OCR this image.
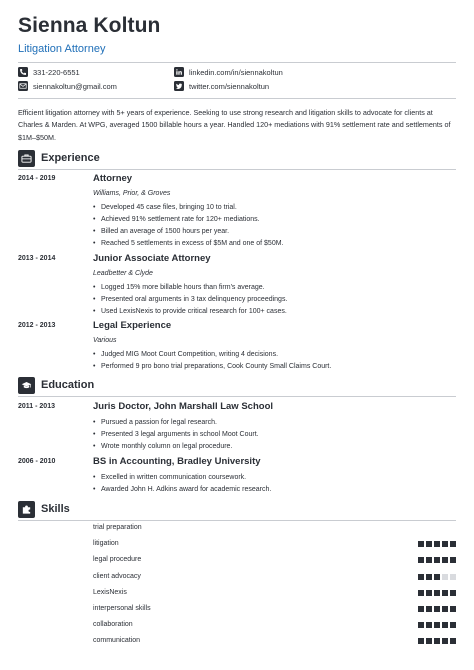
Sienna Koltun
Litigation Attorney
331-220-6551
siennakoltun@gmail.com
linkedin.com/in/siennakoltun
twitter.com/siennakoltun
Efficient litigation attorney with 5+ years of experience. Seeking to use strong research and litigation skills to advocate for clients at
Charles & Marden. At WPG, averaged 1500 billable hours a year. Handled 120+ mediations with 91% settlement rate and settlements of
$1M–$50M.
Experience
2014 - 2019	Attorney
Williams, Prior, & Groves
• Developed 45 case files, bringing 10 to trial.
• Achieved 91% settlement rate for 120+ mediations.
• Billed an average of 1500 hours per year.
• Reached 5 settlements in excess of $5M and one of $50M.
2013 - 2014	Junior Associate Attorney
Leadbetter & Clyde
• Logged 15% more billable hours than firm's average.
• Presented oral arguments in 3 tax delinquency proceedings.
• Used LexisNexis to provide critical research for 100+ cases.
2012 - 2013	Legal Experience
Various
• Judged MIG Moot Court Competition, writing 4 decisions.
• Performed 9 pro bono trial preparations, Cook County Small Claims Court.
Education
2011 - 2013	Juris Doctor, John Marshall Law School
• Pursued a passion for legal research.
• Presented 3 legal arguments in school Moot Court.
• Wrote monthly column on legal procedure.
2006 - 2010	BS in Accounting, Bradley University
• Excelled in written communication coursework.
• Awarded John H. Adkins award for academic research.
Skills
trial preparation
litigation
legal procedure
client advocacy
LexisNexis
interpersonal skills
collaboration
communication
